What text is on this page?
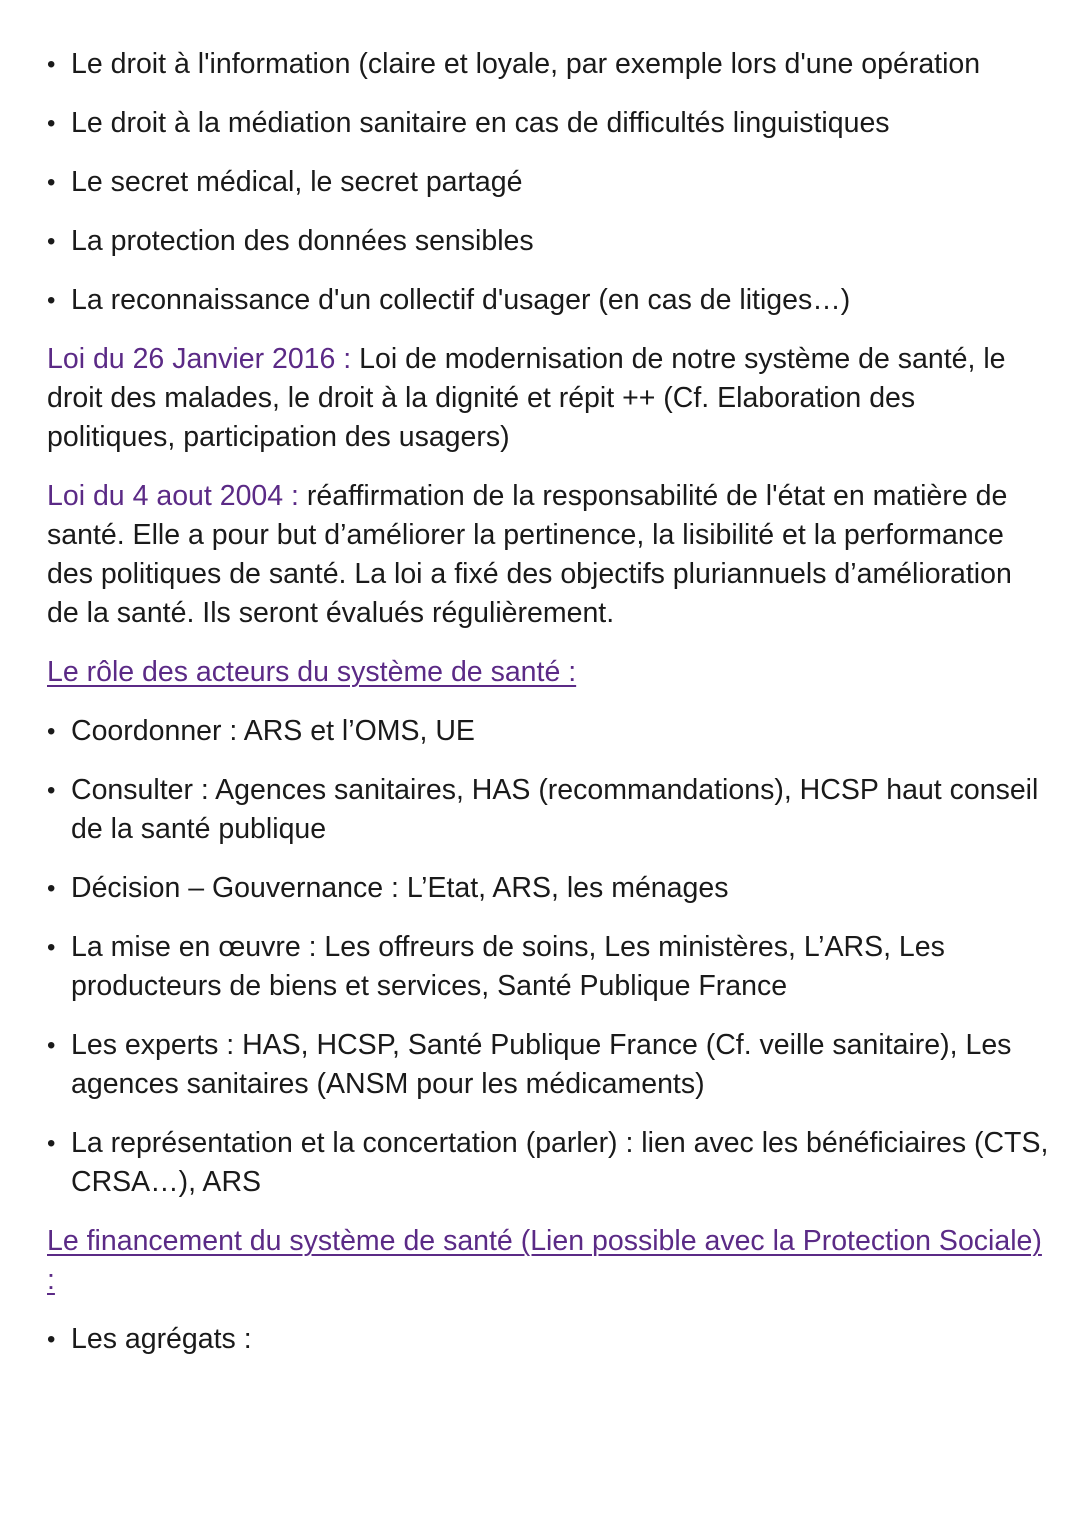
• Le droit à l'information (claire et loyale, par exemple lors d'une opération
• Le droit à la médiation sanitaire en cas de difficultés linguistiques
• Le secret médical, le secret partagé
• La protection des données sensibles
• La reconnaissance d'un collectif d'usager (en cas de litiges…)

Loi du 26 Janvier 2016 : Loi de modernisation de notre système de santé, le droit des malades, le droit à la dignité et répit ++ (Cf. Elaboration des politiques, participation des usagers)

Loi du 4 aout 2004 : réaffirmation de la responsabilité de l'état en matière de santé. Elle a pour but d’améliorer la pertinence, la lisibilité et la performance des politiques de santé. La loi a fixé des objectifs pluriannuels d’amélioration de la santé. Ils seront évalués régulièrement.

Le rôle des acteurs du système de santé :
• Coordonner : ARS et l’OMS, UE
• Consulter : Agences sanitaires, HAS (recommandations), HCSP haut conseil de la santé publique
• Décision – Gouvernance : L’Etat, ARS, les ménages
• La mise en œuvre : Les offreurs de soins, Les ministères, L’ARS, Les producteurs de biens et services, Santé Publique France
• Les experts : HAS, HCSP, Santé Publique France (Cf. veille sanitaire), Les agences sanitaires (ANSM pour les médicaments)
• La représentation et la concertation (parler) : lien avec les bénéficiaires (CTS, CRSA…), ARS
Le financement du système de santé (Lien possible avec la Protection Sociale) :
• Les agrégats :
